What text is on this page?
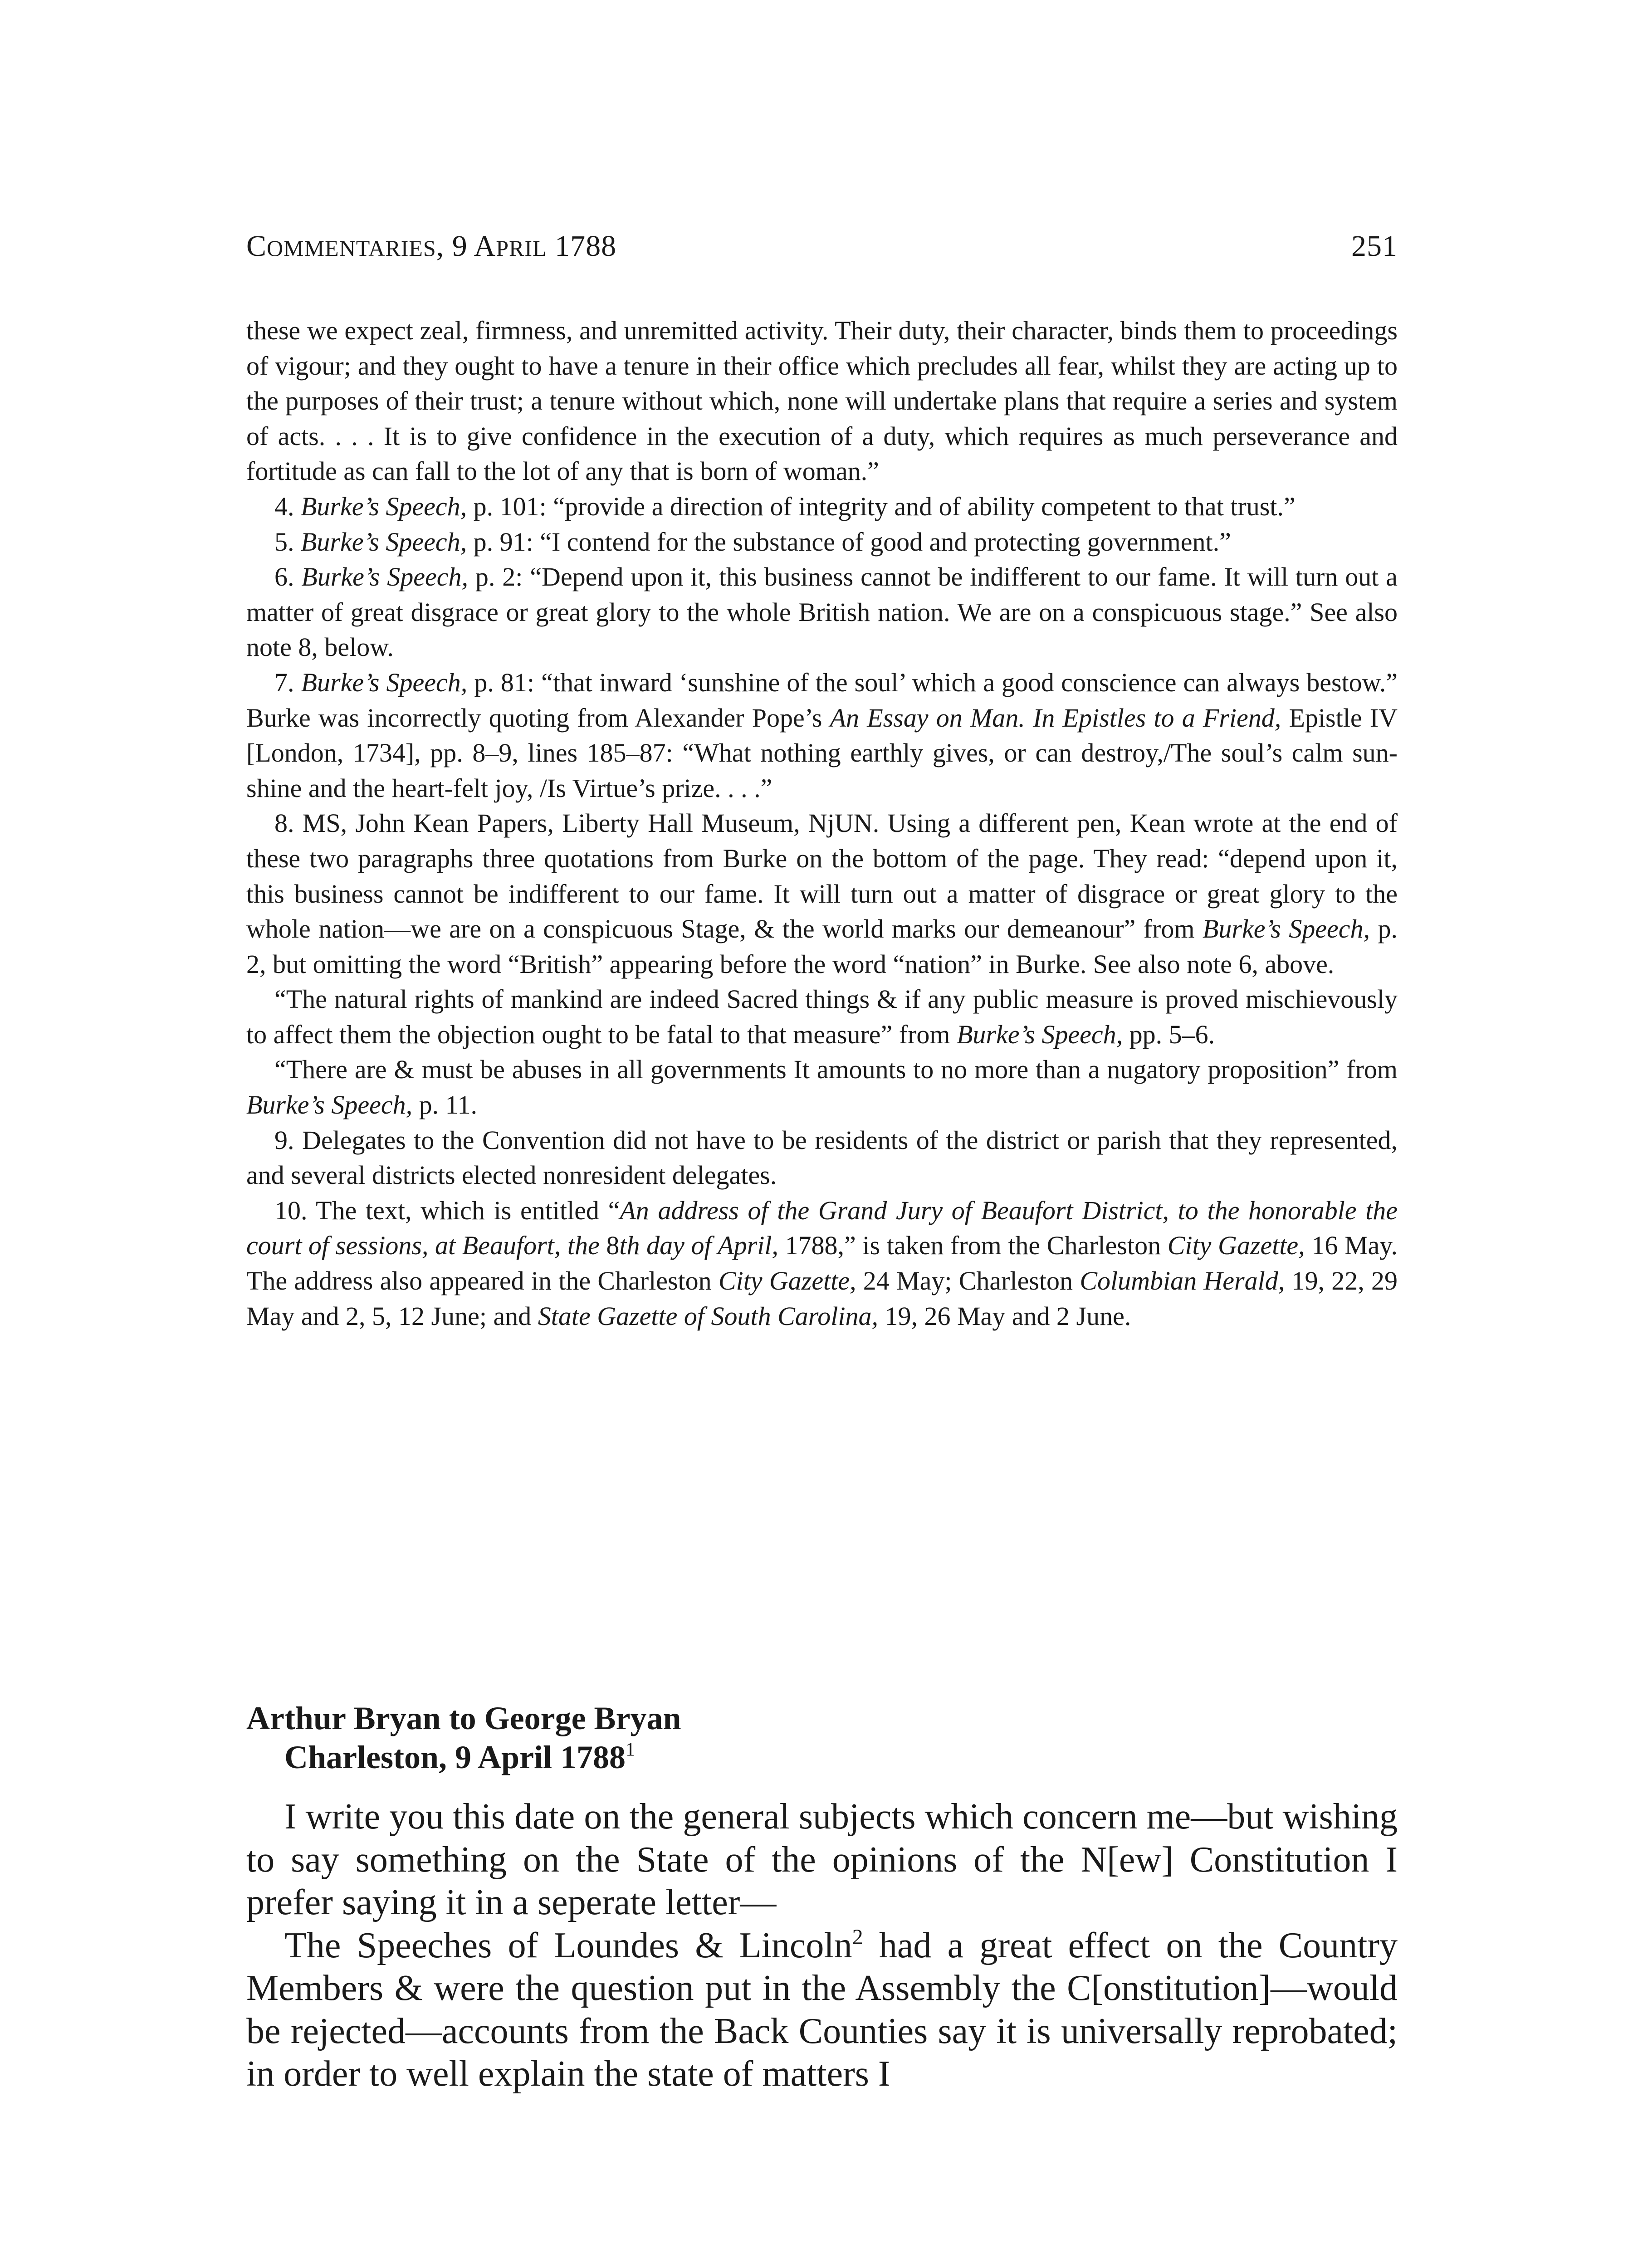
COMMENTARIES, 9 APRIL 1788	251

these we expect zeal, firmness, and unremitted activity. Their duty, their character, binds them to proceedings of vigour; and they ought to have a tenure in their office which precludes all fear, whilst they are acting up to the purposes of their trust; a tenure without which, none will undertake plans that require a series and system of acts. . . . It is to give confidence in the execution of a duty, which requires as much perseverance and fortitude as can fall to the lot of any that is born of woman.”

4. Burke’s Speech, p. 101: “provide a direction of integrity and of ability competent to that trust.”

5. Burke’s Speech, p. 91: “I contend for the substance of good and protecting government.”

6. Burke’s Speech, p. 2: “Depend upon it, this business cannot be indifferent to our fame. It will turn out a matter of great disgrace or great glory to the whole British nation. We are on a conspicuous stage.” See also note 8, below.

7. Burke’s Speech, p. 81: “that inward ‘sunshine of the soul’ which a good conscience can always bestow.” Burke was incorrectly quoting from Alexander Pope’s An Essay on Man. In Epistles to a Friend, Epistle IV [London, 1734], pp. 8–9, lines 185–87: “What nothing earthly gives, or can destroy,/The soul’s calm sun-shine and the heart-felt joy, /Is Virtue’s prize. . . .”

8. MS, John Kean Papers, Liberty Hall Museum, NjUN. Using a different pen, Kean wrote at the end of these two paragraphs three quotations from Burke on the bottom of the page. They read: “depend upon it, this business cannot be indifferent to our fame. It will turn out a matter of disgrace or great glory to the whole nation—we are on a conspicuous Stage, & the world marks our demeanour” from Burke’s Speech, p. 2, but omitting the word “British” appearing before the word “nation” in Burke. See also note 6, above.

“The natural rights of mankind are indeed Sacred things & if any public measure is proved mischievously to affect them the objection ought to be fatal to that measure” from Burke’s Speech, pp. 5–6.

“There are & must be abuses in all governments It amounts to no more than a nugatory proposition” from Burke’s Speech, p. 11.

9. Delegates to the Convention did not have to be residents of the district or parish that they represented, and several districts elected nonresident delegates.

10. The text, which is entitled “An address of the Grand Jury of Beaufort District, to the honorable the court of sessions, at Beaufort, the 8th day of April, 1788,” is taken from the Charleston City Gazette, 16 May. The address also appeared in the Charleston City Gazette, 24 May; Charleston Columbian Herald, 19, 22, 29 May and 2, 5, 12 June; and State Gazette of South Carolina, 19, 26 May and 2 June.

Arthur Bryan to George Bryan
Charleston, 9 April 1788$^1$

I write you this date on the general subjects which concern me—but wishing to say something on the State of the opinions of the N[ew] Constitution I prefer saying it in a seperate letter—

The Speeches of Loundes & Lincoln$^2$ had a great effect on the Country Members & were the question put in the Assembly the C[onstitution]—would be rejected—accounts from the Back Counties say it is universally reprobated; in order to well explain the state of matters I
